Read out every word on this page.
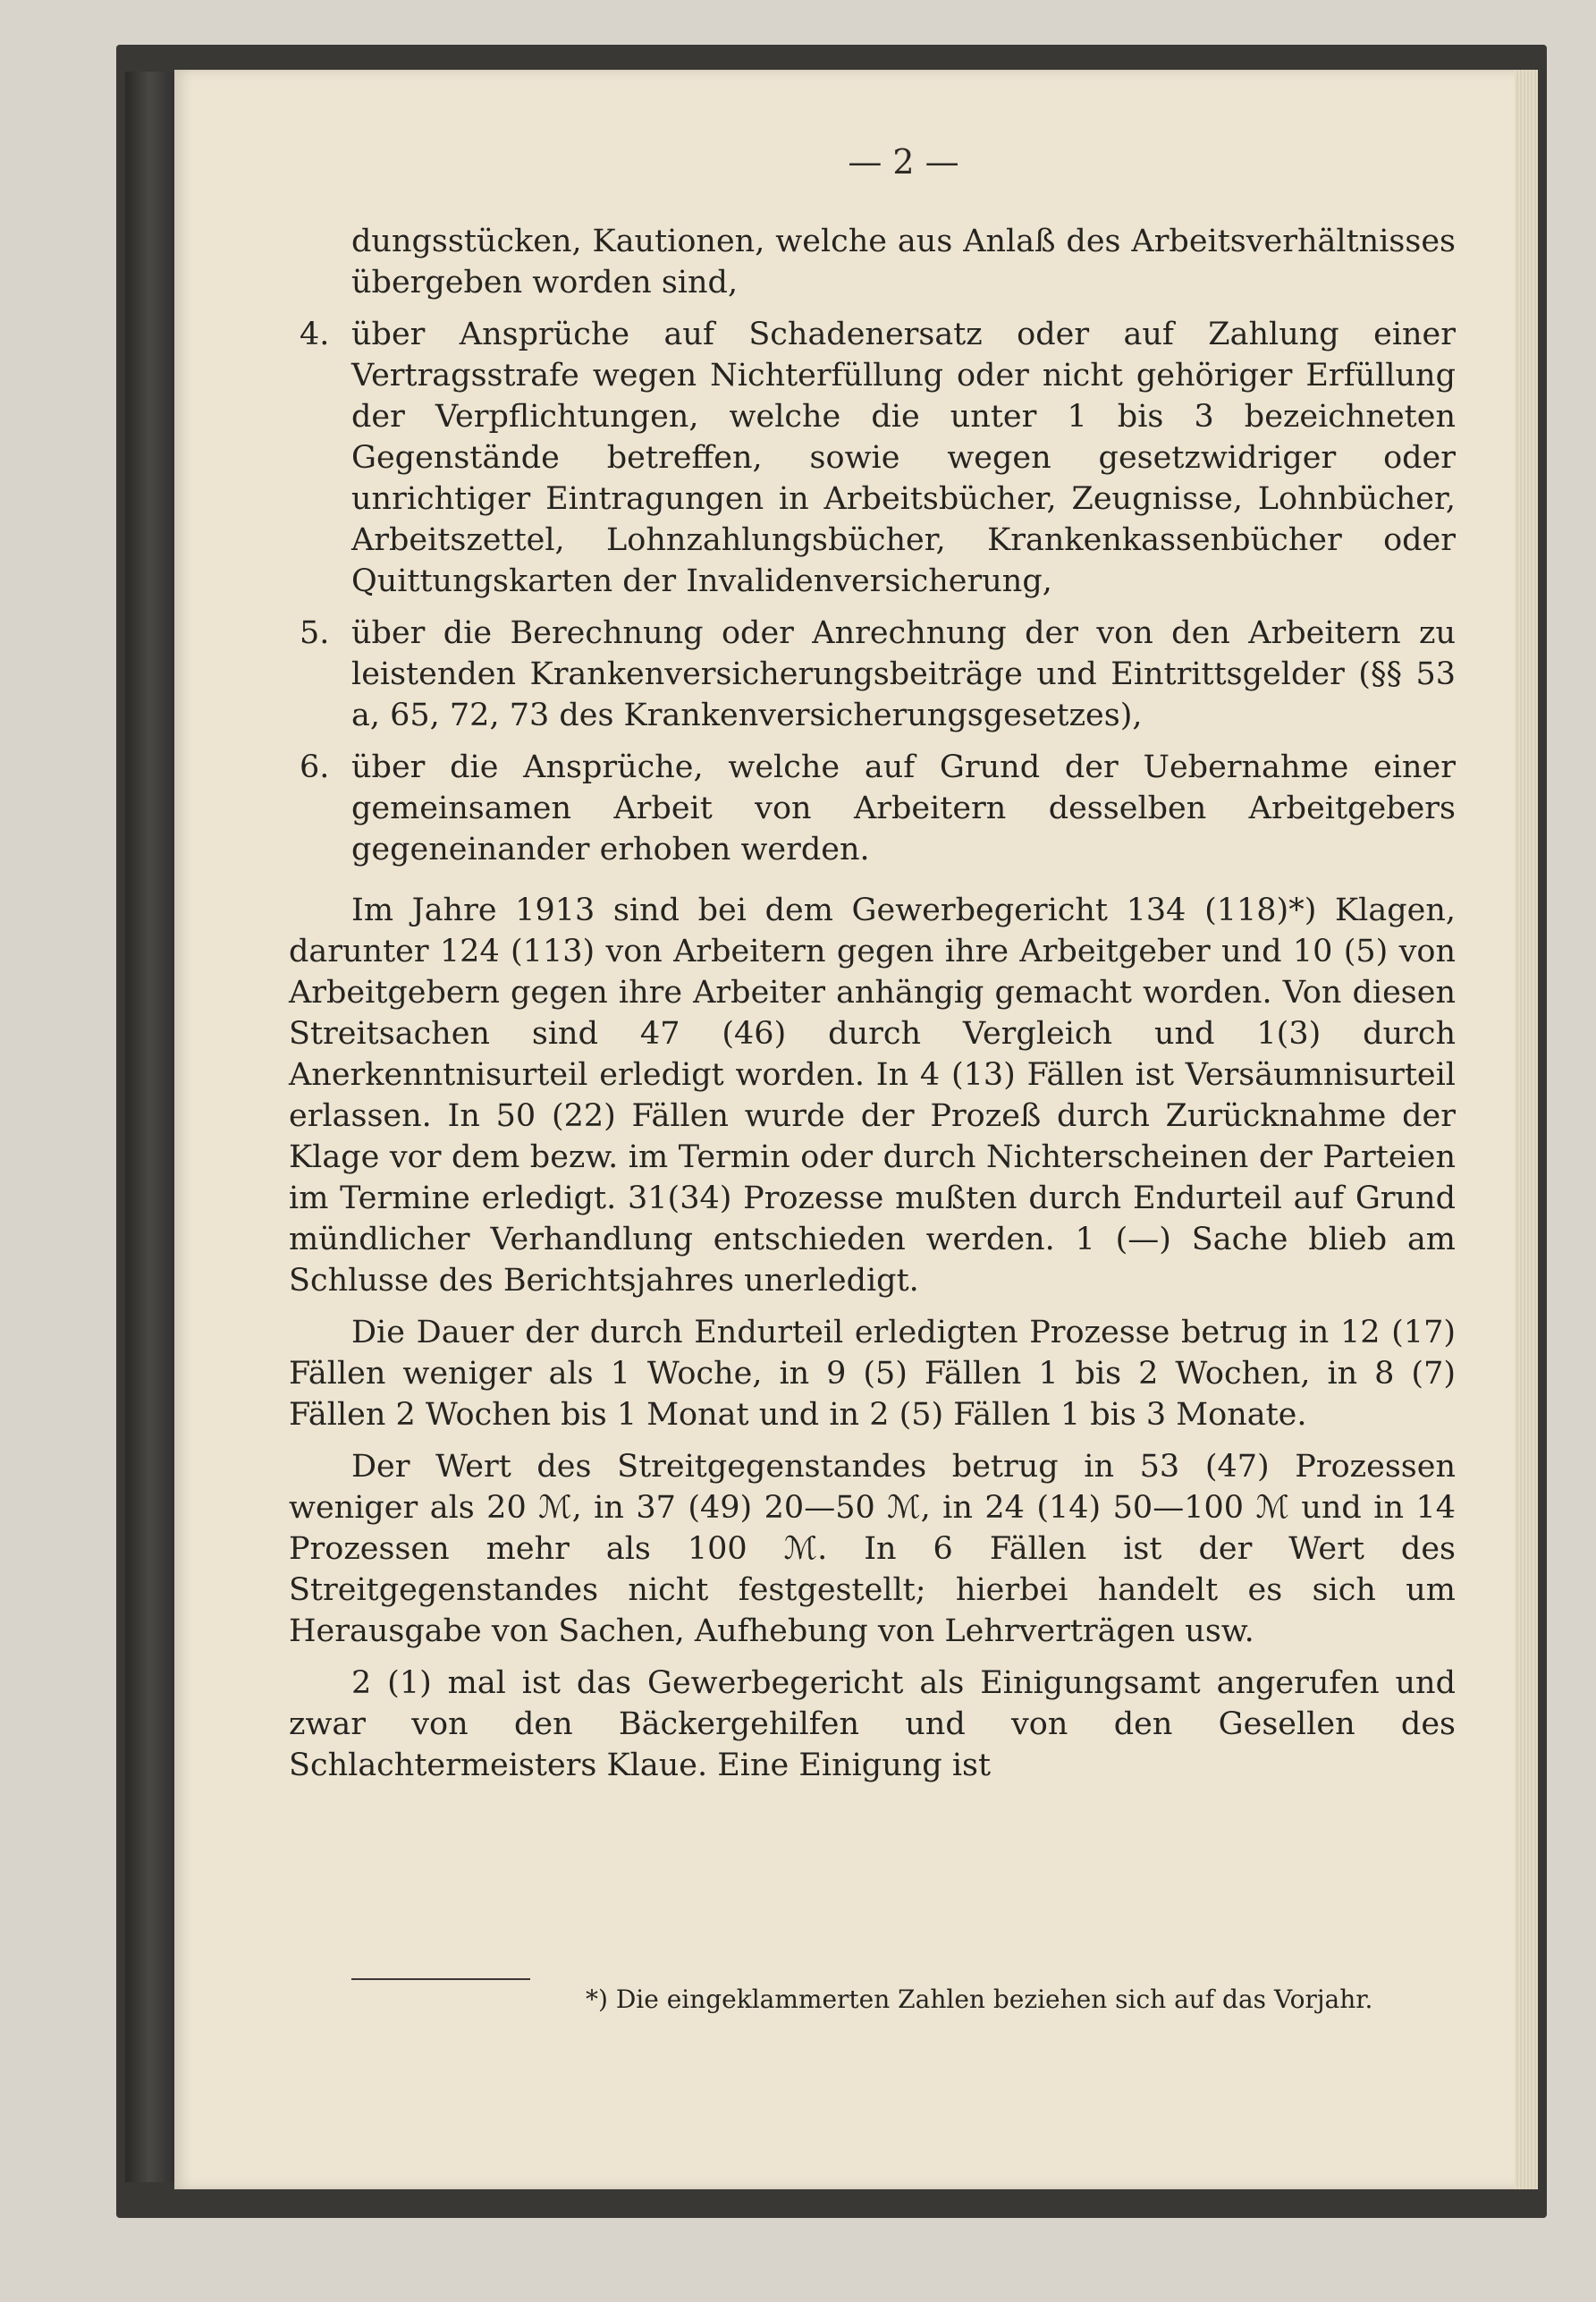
— 2 —

dungsstücken, Kautionen, welche aus Anlaß des Arbeitsverhältnisses übergeben worden sind,

4. über Ansprüche auf Schadenersatz oder auf Zahlung einer Vertragsstrafe wegen Nichterfüllung oder nicht gehöriger Erfüllung der Verpflichtungen, welche die unter 1 bis 3 bezeichneten Gegenstände betreffen, sowie wegen gesetzwidriger oder unrichtiger Eintragungen in Arbeitsbücher, Zeugnisse, Lohnbücher, Arbeitszettel, Lohnzahlungsbücher, Krankenkassenbücher oder Quittungskarten der Invalidenversicherung,
5. über die Berechnung oder Anrechnung der von den Arbeitern zu leistenden Krankenversicherungsbeiträge und Eintrittsgelder (§§ 53 a, 65, 72, 73 des Krankenversicherungsgesetzes),
6. über die Ansprüche, welche auf Grund der Uebernahme einer gemeinsamen Arbeit von Arbeitern desselben Arbeitgebers gegeneinander erhoben werden.

Im Jahre 1913 sind bei dem Gewerbegericht 134 (118)*) Klagen, darunter 124 (113) von Arbeitern gegen ihre Arbeitgeber und 10 (5) von Arbeitgebern gegen ihre Arbeiter anhängig gemacht worden. Von diesen Streitsachen sind 47 (46) durch Vergleich und 1(3) durch Anerkenntnisurteil erledigt worden. In 4 (13) Fällen ist Versäumnisurteil erlassen. In 50 (22) Fällen wurde der Prozeß durch Zurücknahme der Klage vor dem bezw. im Termin oder durch Nichterscheinen der Parteien im Termine erledigt. 31(34) Prozesse mußten durch Endurteil auf Grund mündlicher Verhandlung entschieden werden. 1 (—) Sache blieb am Schlusse des Berichtsjahres unerledigt.

Die Dauer der durch Endurteil erledigten Prozesse betrug in 12 (17) Fällen weniger als 1 Woche, in 9 (5) Fällen 1 bis 2 Wochen, in 8 (7) Fällen 2 Wochen bis 1 Monat und in 2 (5) Fällen 1 bis 3 Monate.

Der Wert des Streitgegenstandes betrug in 53 (47) Prozessen weniger als 20 ℳ, in 37 (49) 20—50 ℳ, in 24 (14) 50—100 ℳ und in 14 Prozessen mehr als 100 ℳ. In 6 Fällen ist der Wert des Streitgegenstandes nicht festgestellt; hierbei handelt es sich um Herausgabe von Sachen, Aufhebung von Lehrverträgen usw.

2 (1) mal ist das Gewerbegericht als Einigungsamt angerufen und zwar von den Bäckergehilfen und von den Gesellen des Schlachtermeisters Klaue. Eine Einigung ist

*) Die eingeklammerten Zahlen beziehen sich auf das Vorjahr.
